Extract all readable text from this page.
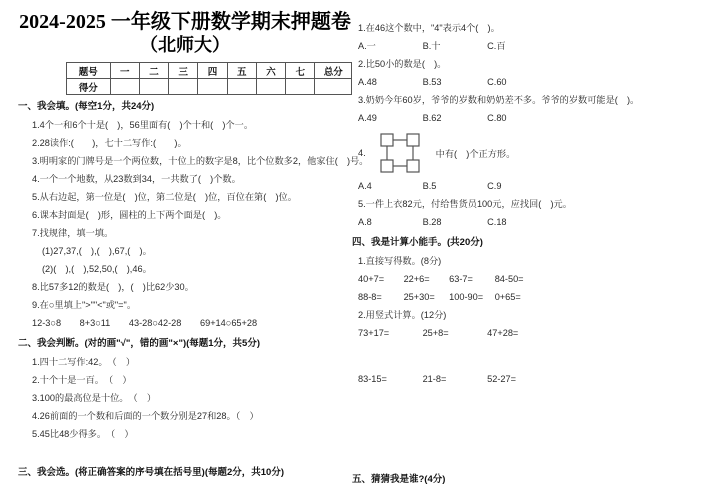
2024-2025 一年级下册数学期末押题卷
（北师大）
题号	一	二	三	四	五	六	七	总分
得分								
一、我会填。(每空1分，共24分)
1.4个一和6个十是(　)，56里面有(　)个十和(　)个一。
2.28读作:(　　)，七十二写作:(　　)。
3.明明家的门牌号是一个两位数，十位上的数字是8，比个位数多2，他家住(　)号。
4.一个一个地数，从23数到34，一共数了(　)个数。
5.从右边起，第一位是(　)位，第二位是(　)位，百位在第(　)位。
6.课本封面是(　)形，圆柱的上下两个面是(　)。
7.找规律，填一填。
(1)27,37,(　),(　),67,(　)。
(2)(　),(　),52,50,(　),46。
8.比57多12的数是(　)，(　)比62少30。
9.在○里填上">""<"或"="。
12-3○8 8+3○11 43-28○42-28 69+14○65+28
二、我会判断。(对的画"√"，错的画"×")(每题1分，共5分)
1.四十二写作:42。　（　）
2.十个十是一百。　（　）
3.100的最高位是十位。　（　）
4.26前面的一个数和后面的一个数分别是27和28。（　）
5.45比48少得多。　（　）
三、我会选。(将正确答案的序号填在括号里)(每题2分，共10分)
1.在46这个数中，"4"表示4个(　)。
A.一	B.十	C.百
2.比50小的数是(　)。
A.48	B.53	C.60
3.奶奶今年60岁，爷爷的岁数和奶奶差不多。爷爷的岁数可能是(　)。
A.49	B.62	C.80
4.	中有(　)个正方形。
A.4	B.5	C.9
5.一件上衣82元，付给售货员100元，应找回(　)元。
A.8	B.28	C.18
四、我是计算小能手。(共20分)
1.直接写得数。(8分)
40+7= 22+6= 63-7= 84-50=
88-8= 25+30= 100-90= 0+65=
2.用竖式计算。(12分)
73+17=	25+8=	47+28=
83-15=	21-8=	52-27=
五、猜猜我是谁?(4分)
